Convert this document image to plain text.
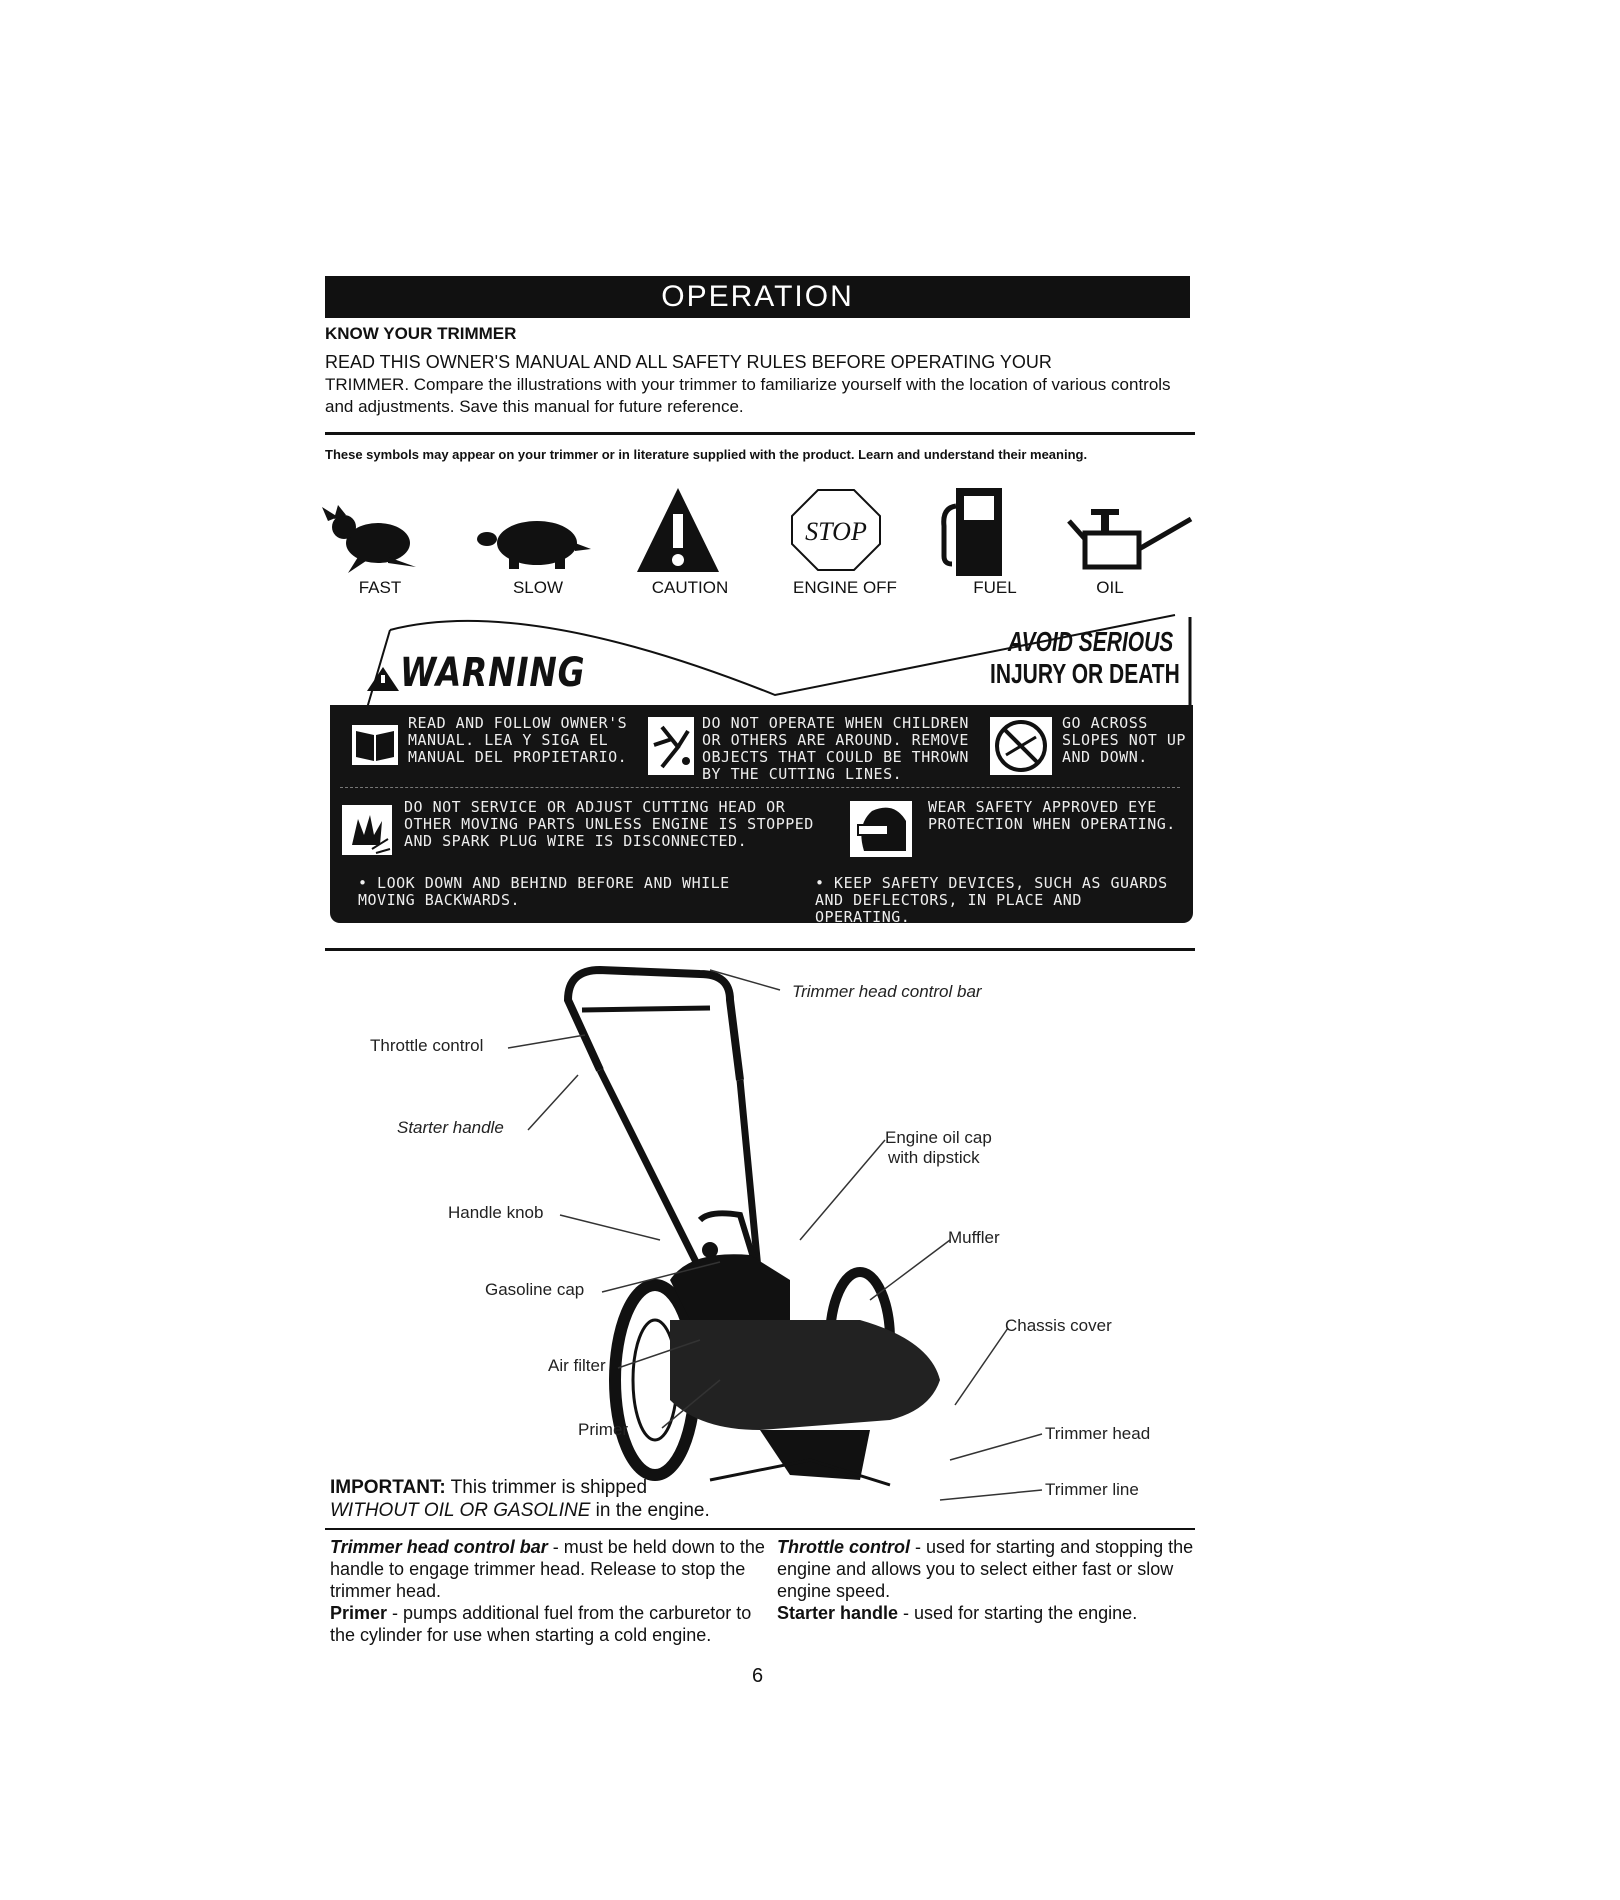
OPERATION
KNOW YOUR TRIMMER
READ THIS OWNER'S MANUAL AND ALL SAFETY RULES BEFORE OPERATING YOUR
TRIMMER. Compare the illustrations with your trimmer to familiarize yourself with the location of various controls and adjustments. Save this manual for future reference.
These symbols may appear on your trimmer or in literature supplied with the product. Learn and understand their meaning.
STOP
FAST	SLOW	CAUTION	ENGINE OFF	FUEL	OIL
WARNING
AVOID SERIOUS
INJURY OR DEATH
READ AND FOLLOW OWNER'S MANUAL. LEA Y SIGA EL MANUAL DEL PROPIETARIO.
DO NOT OPERATE WHEN CHILDREN OR OTHERS ARE AROUND. REMOVE OBJECTS THAT COULD BE THROWN BY THE CUTTING LINES.
GO ACROSS SLOPES NOT UP AND DOWN.
DO NOT SERVICE OR ADJUST CUTTING HEAD OR OTHER MOVING PARTS UNLESS ENGINE IS STOPPED AND SPARK PLUG WIRE IS DISCONNECTED.
WEAR SAFETY APPROVED EYE PROTECTION WHEN OPERATING.
• LOOK DOWN AND BEHIND BEFORE AND WHILE MOVING BACKWARDS.
• KEEP SAFETY DEVICES, SUCH AS GUARDS AND DEFLECTORS, IN PLACE AND OPERATING.
Trimmer head control bar
Throttle control
Starter handle
Engine oil cap
with dipstick
Handle knob
Muffler
Gasoline cap
Chassis cover
Air filter
Primer	Trimmer head
Trimmer line
IMPORTANT: This trimmer is shipped
WITHOUT OIL OR GASOLINE in the engine.
Trimmer head control bar - must be held down to the handle to engage trimmer head. Release to stop the trimmer head.
Primer - pumps additional fuel from the carburetor to the cylinder for use when starting a cold engine.
Throttle control - used for starting and stopping the engine and allows you to select either fast or slow engine speed.
Starter handle - used for starting the engine.
6
